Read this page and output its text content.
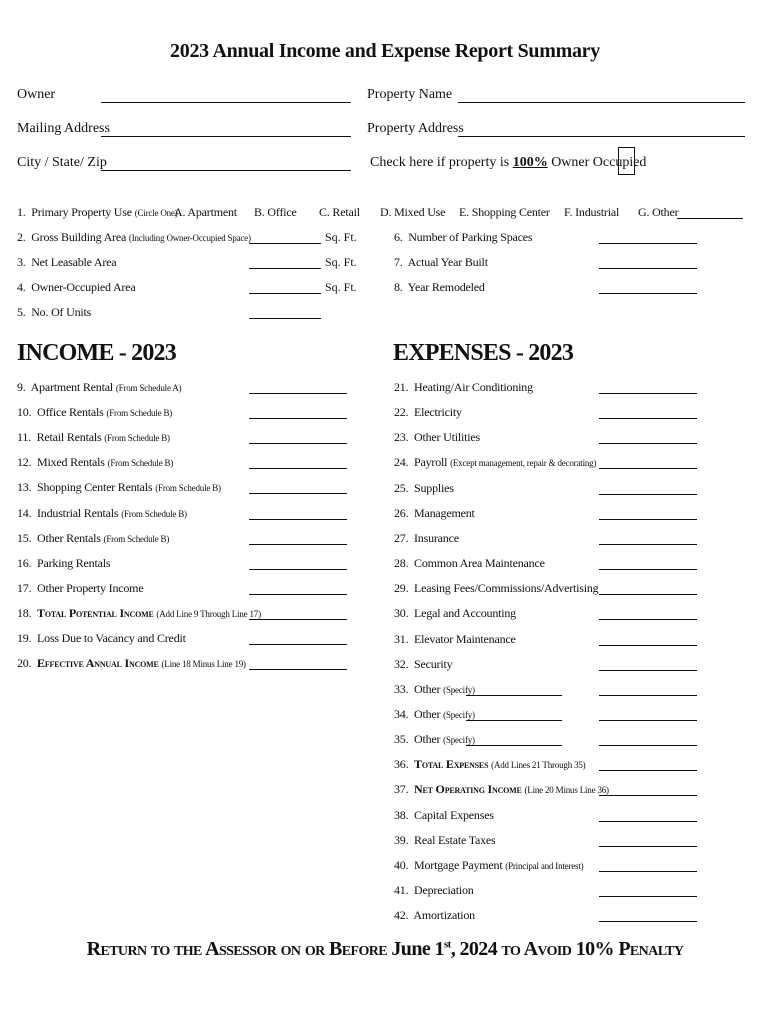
2023 Annual Income and Expense Report Summary
Owner	Property Name
Mailing Address	Property Address
City / State/ Zip	Check here if property is 100% Owner Occupied
1. Primary Property Use (Circle One)
A. Apartment B. Office C. Retail D. Mixed Use E. Shopping Center F. Industrial G. Other
2. Gross Building Area (Including Owner-Occupied Space)	Sq. Ft.
3. Net Leasable Area	Sq. Ft.
4. Owner-Occupied Area	Sq. Ft.
5. No. Of Units
6. Number of Parking Spaces
7. Actual Year Built
8. Year Remodeled
INCOME - 2023	EXPENSES - 2023
9. Apartment Rental (From Schedule A)
10. Office Rentals (From Schedule B)
11. Retail Rentals (From Schedule B)
12. Mixed Rentals (From Schedule B)
13. Shopping Center Rentals (From Schedule B)
14. Industrial Rentals (From Schedule B)
15. Other Rentals (From Schedule B)
16. Parking Rentals
17. Other Property Income
18. Total Potential Income (Add Line 9 Through Line 17)
19. Loss Due to Vacancy and Credit
20. Effective Annual Income (Line 18 Minus Line 19)
21. Heating/Air Conditioning
22. Electricity
23. Other Utilities
24. Payroll (Except management, repair & decorating)
25. Supplies
26. Management
27. Insurance
28. Common Area Maintenance
29. Leasing Fees/Commissions/Advertising
30. Legal and Accounting
31. Elevator Maintenance
32. Security
33. Other (Specify)
34. Other (Specify)
35. Other (Specify)
36. Total Expenses (Add Lines 21 Through 35)
37. Net Operating Income (Line 20 Minus Line 36)
38. Capital Expenses
39. Real Estate Taxes
40. Mortgage Payment (Principal and Interest)
41. Depreciation
42. Amortization
Return to the Assessor on or Before June 1st, 2024 to Avoid 10% Penalty
